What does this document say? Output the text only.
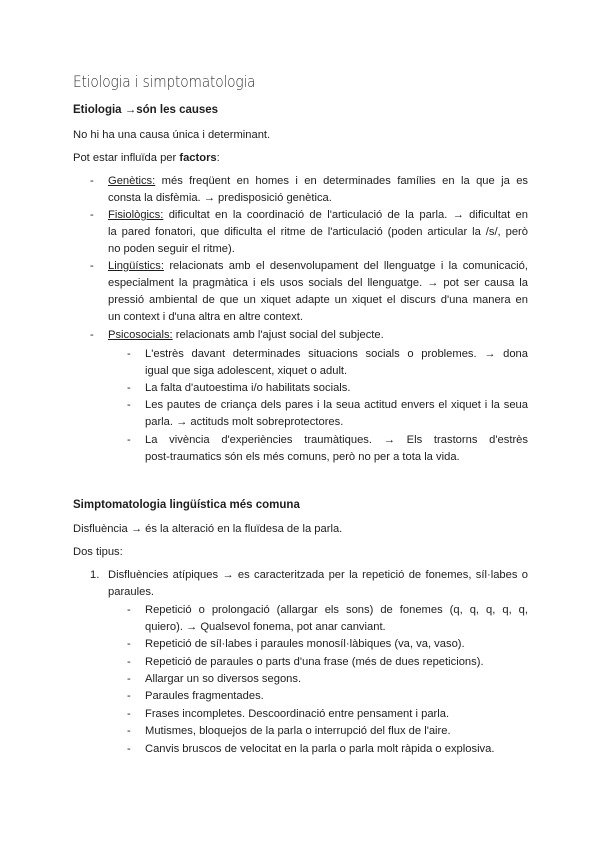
Etiologia i simptomatologia
Etiologia →són les causes
No hi ha una causa única i determinant.
Pot estar influïda per factors:
- Genètics: més freqüent en homes i en determinades famílies en la que ja es
consta la disfèmia. → predisposició genètica.
- Fisiològics: dificultat en la coordinació de l'articulació de la parla. → dificultat en
la pared fonatori, que dificulta el ritme de l'articulació (poden articular la /s/, però
no poden seguir el ritme).
- Lingüístics: relacionats amb el desenvolupament del llenguatge i la comunicació,
especialment la pragmàtica i els usos socials del llenguatge. → pot ser causa la
pressió ambiental de que un xiquet adapte un xiquet el discurs d'una manera en
un context i d'una altra en altre context.
- Psicosocials: relacionats amb l'ajust social del subjecte.
- L'estrès davant determinades situacions socials o problemes. → dona
igual que siga adolescent, xiquet o adult.
- La falta d'autoestima i/o habilitats socials.
- Les pautes de criança dels pares i la seua actitud envers el xiquet i la seua
parla. → actituds molt sobreprotectores.
- La vivència d'experiències traumàtiques. → Els trastorns d'estrès
post-traumatics són els més comuns, però no per a tota la vida.
Simptomatologia lingüística més comuna
Disfluència → és la alteració en la fluïdesa de la parla.
Dos tipus:
1. Disfluències atípiques → es caracteritzada per la repetició de fonemes, síl·labes o
paraules.
- Repetició o prolongació (allargar els sons) de fonemes (q, q, q, q, q,
quiero). → Qualsevol fonema, pot anar canviant.
- Repetició de síl·labes i paraules monosíl·làbiques (va, va, vaso).
- Repetició de paraules o parts d'una frase (més de dues repeticions).
- Allargar un so diversos segons.
- Paraules fragmentades.
- Frases incompletes. Descoordinació entre pensament i parla.
- Mutismes, bloquejos de la parla o interrupció del flux de l'aire.
- Canvis bruscos de velocitat en la parla o parla molt ràpida o explosiva.
